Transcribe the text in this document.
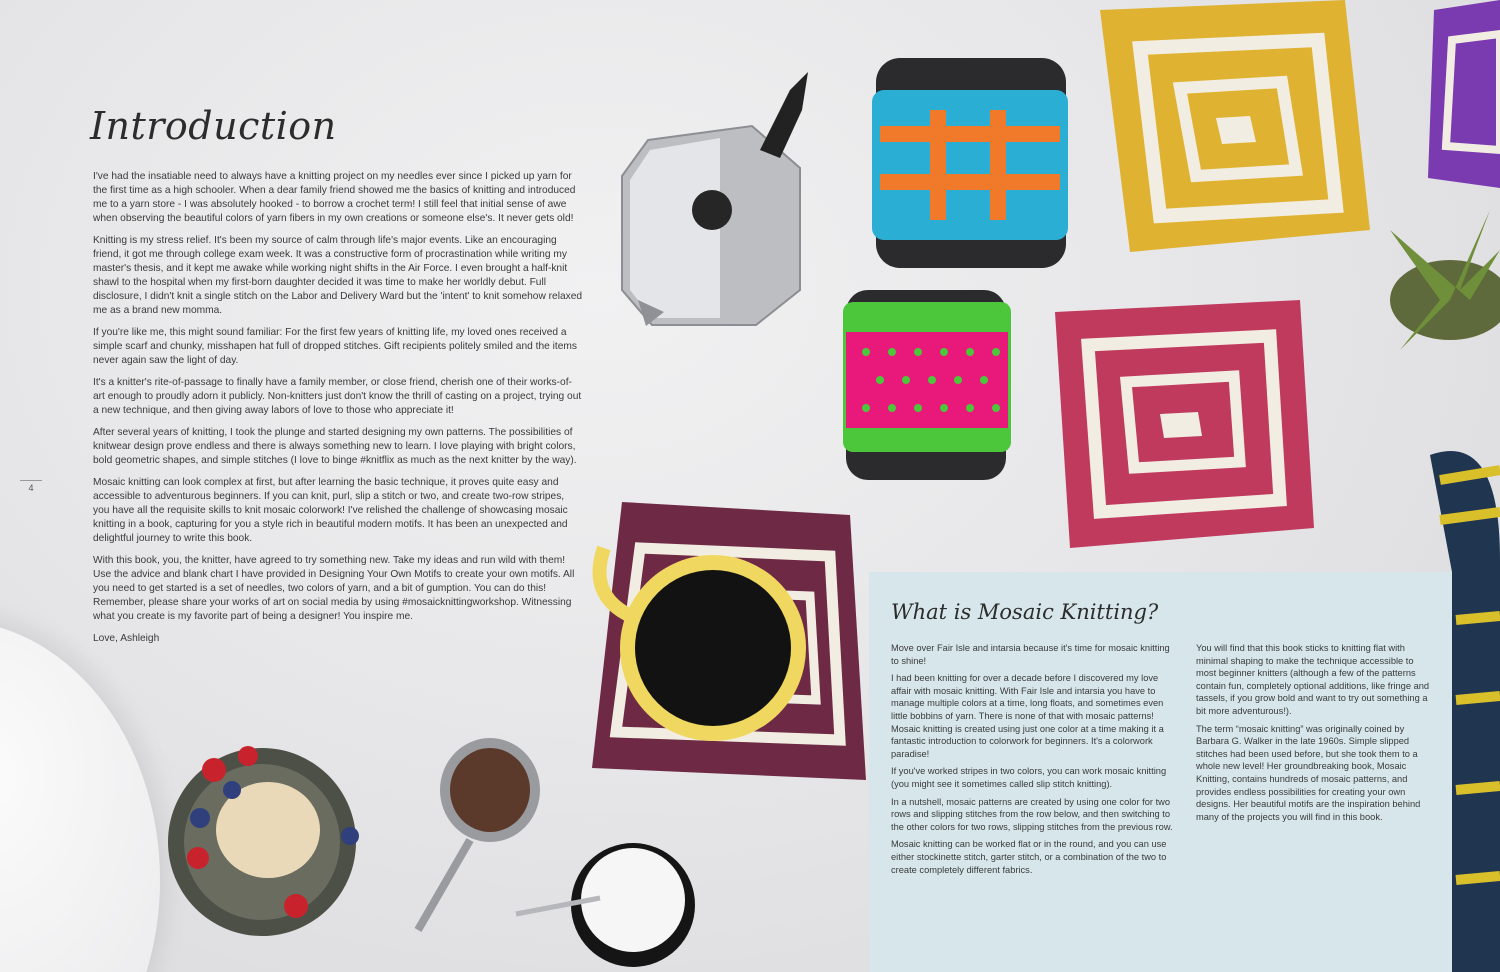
Introduction

I've had the insatiable need to always have a knitting project on my needles ever since I picked up yarn for the first time as a high schooler. When a dear family friend showed me the basics of knitting and introduced me to a yarn store - I was absolutely hooked - to borrow a crochet term! I still feel that initial sense of awe when observing the beautiful colors of yarn fibers in my own creations or someone else's. It never gets old!

Knitting is my stress relief. It's been my source of calm through life's major events. Like an encouraging friend, it got me through college exam week. It was a constructive form of procrastination while writing my master's thesis, and it kept me awake while working night shifts in the Air Force. I even brought a half-knit shawl to the hospital when my first-born daughter decided it was time to make her worldly debut. Full disclosure, I didn't knit a single stitch on the Labor and Delivery Ward but the 'intent' to knit somehow relaxed me as a brand new momma.

If you're like me, this might sound familiar: For the first few years of knitting life, my loved ones received a simple scarf and chunky, misshapen hat full of dropped stitches. Gift recipients politely smiled and the items never again saw the light of day.

It's a knitter's rite-of-passage to finally have a family member, or close friend, cherish one of their works-of-art enough to proudly adorn it publicly. Non-knitters just don't know the thrill of casting on a project, trying out a new technique, and then giving away labors of love to those who appreciate it!

After several years of knitting, I took the plunge and started designing my own patterns. The possibilities of knitwear design prove endless and there is always something new to learn. I love playing with bright colors, bold geometric shapes, and simple stitches (I love to binge #knitflix as much as the next knitter by the way).

Mosaic knitting can look complex at first, but after learning the basic technique, it proves quite easy and accessible to adventurous beginners. If you can knit, purl, slip a stitch or two, and create two-row stripes, you have all the requisite skills to knit mosaic colorwork! I've relished the challenge of showcasing mosaic knitting in a book, capturing for you a style rich in beautiful modern motifs. It has been an unexpected and delightful journey to write this book.

With this book, you, the knitter, have agreed to try something new. Take my ideas and run wild with them! Use the advice and blank chart I have provided in Designing Your Own Motifs to create your own motifs. All you need to get started is a set of needles, two colors of yarn, and a bit of gumption. You can do this! Remember, please share your works of art on social media by using #mosaicknittingworkshop. Witnessing what you create is my favorite part of being a designer! You inspire me.

Love, Ashleigh

4
What is Mosaic Knitting?

Move over Fair Isle and intarsia because it's time for mosaic knitting to shine!

I had been knitting for over a decade before I discovered my love affair with mosaic knitting. With Fair Isle and intarsia you have to manage multiple colors at a time, long floats, and sometimes even little bobbins of yarn. There is none of that with mosaic patterns! Mosaic knitting is created using just one color at a time making it a fantastic introduction to colorwork for beginners. It's a colorwork paradise!

If you've worked stripes in two colors, you can work mosaic knitting (you might see it sometimes called slip stitch knitting).

In a nutshell, mosaic patterns are created by using one color for two rows and slipping stitches from the row below, and then switching to the other colors for two rows, slipping stitches from the previous row.

Mosaic knitting can be worked flat or in the round, and you can use either stockinette stitch, garter stitch, or a combination of the two to create completely different fabrics.

You will find that this book sticks to knitting flat with minimal shaping to make the technique accessible to most beginner knitters (although a few of the patterns contain fun, completely optional additions, like fringe and tassels, if you grow bold and want to try out something a bit more adventurous!).

The term “mosaic knitting” was originally coined by Barbara G. Walker in the late 1960s. Simple slipped stitches had been used before, but she took them to a whole new level! Her groundbreaking book, Mosaic Knitting, contains hundreds of mosaic patterns, and provides endless possibilities for creating your own designs. Her beautiful motifs are the inspiration behind many of the projects you will find in this book.
